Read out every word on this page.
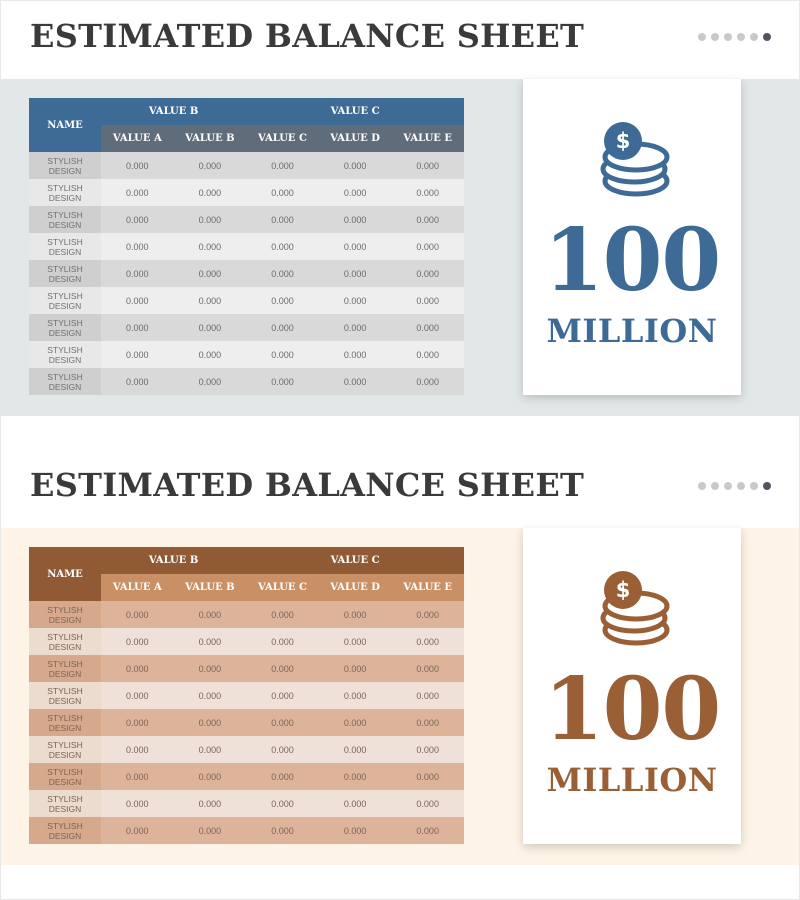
ESTIMATED BALANCE SHEET
NAME	VALUE B		VALUE C		
	VALUE A	VALUE B	VALUE C	VALUE D	VALUE E

STYLISH
DESIGN	0.000	0.000	0.000	0.000	0.000

STYLISH
DESIGN	0.000	0.000	0.000	0.000	0.000

STYLISH
DESIGN	0.000	0.000	0.000	0.000	0.000

STYLISH
DESIGN	0.000	0.000	0.000	0.000	0.000

STYLISH
DESIGN	0.000	0.000	0.000	0.000	0.000

STYLISH
DESIGN	0.000	0.000	0.000	0.000	0.000

STYLISH
DESIGN	0.000	0.000	0.000	0.000	0.000

STYLISH
DESIGN	0.000	0.000	0.000	0.000	0.000

STYLISH
DESIGN	0.000	0.000	0.000	0.000	0.000
$
100
MILLION
ESTIMATED BALANCE SHEET
NAME	VALUE B		VALUE C		
	VALUE A	VALUE B	VALUE C	VALUE D	VALUE E

STYLISH
DESIGN	0.000	0.000	0.000	0.000	0.000

STYLISH
DESIGN	0.000	0.000	0.000	0.000	0.000

STYLISH
DESIGN	0.000	0.000	0.000	0.000	0.000

STYLISH
DESIGN	0.000	0.000	0.000	0.000	0.000

STYLISH
DESIGN	0.000	0.000	0.000	0.000	0.000

STYLISH
DESIGN	0.000	0.000	0.000	0.000	0.000

STYLISH
DESIGN	0.000	0.000	0.000	0.000	0.000

STYLISH
DESIGN	0.000	0.000	0.000	0.000	0.000

STYLISH
DESIGN	0.000	0.000	0.000	0.000	0.000
$
100
MILLION
